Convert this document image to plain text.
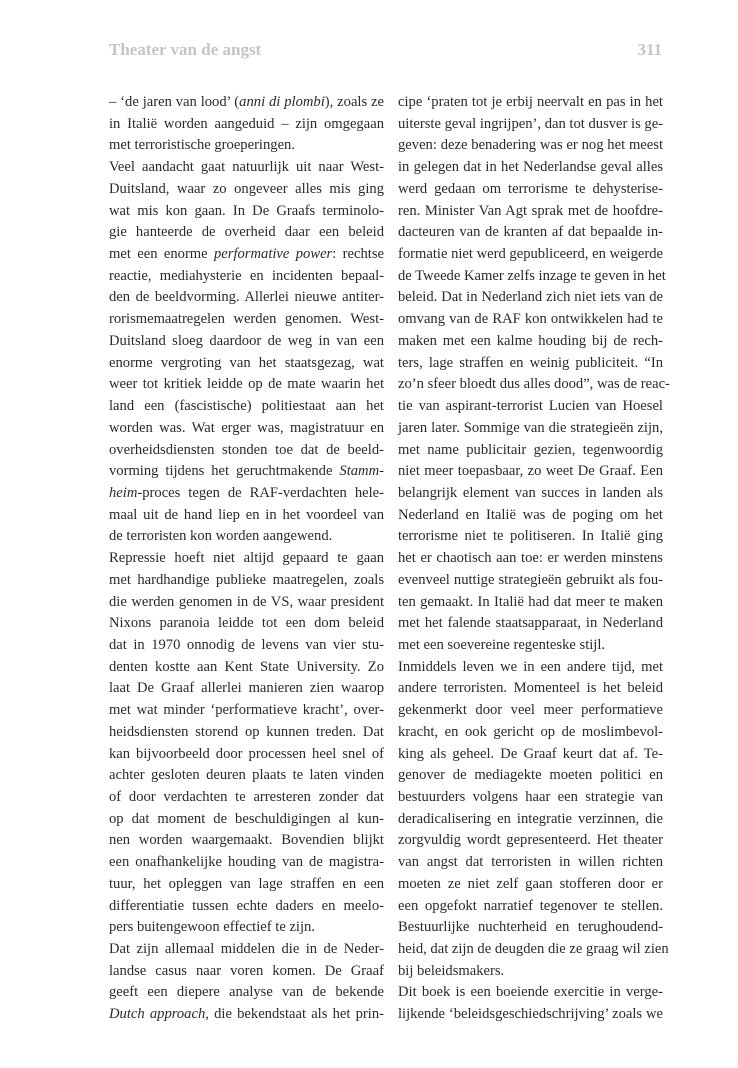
Theater van de angst	311
– ‘de jaren van lood’ (anni di plombi), zoals ze
in Italië worden aangeduid – zijn omgegaan
met terroristische groeperingen.
Veel aandacht gaat natuurlijk uit naar West-
Duitsland, waar zo ongeveer alles mis ging
wat mis kon gaan. In De Graafs terminolo-
gie hanteerde de overheid daar een beleid
met een enorme performative power: rechtse
reactie, mediahysterie en incidenten bepaal-
den de beeldvorming. Allerlei nieuwe antiter-
rorismemaatregelen werden genomen. West-
Duitsland sloeg daardoor de weg in van een
enorme vergroting van het staatsgezag, wat
weer tot kritiek leidde op de mate waarin het
land een (fascistische) politiestaat aan het
worden was. Wat erger was, magistratuur en
overheidsdiensten stonden toe dat de beeld-
vorming tijdens het geruchtmakende Stamm-
heim-proces tegen de RAF-verdachten hele-
maal uit de hand liep en in het voordeel van
de terroristen kon worden aangewend.
Repressie hoeft niet altijd gepaard te gaan
met hardhandige publieke maatregelen, zoals
die werden genomen in de VS, waar president
Nixons paranoia leidde tot een dom beleid
dat in 1970 onnodig de levens van vier stu-
denten kostte aan Kent State University. Zo
laat De Graaf allerlei manieren zien waarop
met wat minder ‘performatieve kracht’, over-
heidsdiensten storend op kunnen treden. Dat
kan bijvoorbeeld door processen heel snel of
achter gesloten deuren plaats te laten vinden
of door verdachten te arresteren zonder dat
op dat moment de beschuldigingen al kun-
nen worden waargemaakt. Bovendien blijkt
een onafhankelijke houding van de magistra-
tuur, het opleggen van lage straffen en een
differentiatie tussen echte daders en meelo-
pers buitengewoon effectief te zijn.
Dat zijn allemaal middelen die in de Neder-
landse casus naar voren komen. De Graaf
geeft een diepere analyse van de bekende
Dutch approach, die bekendstaat als het prin-
cipe ‘praten tot je erbij neervalt en pas in het
uiterste geval ingrijpen’, dan tot dusver is ge-
geven: deze benadering was er nog het meest
in gelegen dat in het Nederlandse geval alles
werd gedaan om terrorisme te dehysterise-
ren. Minister Van Agt sprak met de hoofdre-
dacteuren van de kranten af dat bepaalde in-
formatie niet werd gepubliceerd, en weigerde
de Tweede Kamer zelfs inzage te geven in het
beleid. Dat in Nederland zich niet iets van de
omvang van de RAF kon ontwikkelen had te
maken met een kalme houding bij de rech-
ters, lage straffen en weinig publiciteit. “In
zo’n sfeer bloedt dus alles dood”, was de reac-
tie van aspirant-terrorist Lucien van Hoesel
jaren later. Sommige van die strategieën zijn,
met name publicitair gezien, tegenwoordig
niet meer toepasbaar, zo weet De Graaf. Een
belangrijk element van succes in landen als
Nederland en Italië was de poging om het
terrorisme niet te politiseren. In Italië ging
het er chaotisch aan toe: er werden minstens
evenveel nuttige strategieën gebruikt als fou-
ten gemaakt. In Italië had dat meer te maken
met het falende staatsapparaat, in Nederland
met een soevereine regenteske stijl.
Inmiddels leven we in een andere tijd, met
andere terroristen. Momenteel is het beleid
gekenmerkt door veel meer performatieve
kracht, en ook gericht op de moslimbevol-
king als geheel. De Graaf keurt dat af. Te-
genover de mediagekte moeten politici en
bestuurders volgens haar een strategie van
deradicalisering en integratie verzinnen, die
zorgvuldig wordt gepresenteerd. Het theater
van angst dat terroristen in willen richten
moeten ze niet zelf gaan stofferen door er
een opgefokt narratief tegenover te stellen.
Bestuurlijke nuchterheid en terughoudend-
heid, dat zijn de deugden die ze graag wil zien
bij beleidsmakers.
Dit boek is een boeiende exercitie in verge-
lijkende ‘beleidsgeschiedschrijving’ zoals we
